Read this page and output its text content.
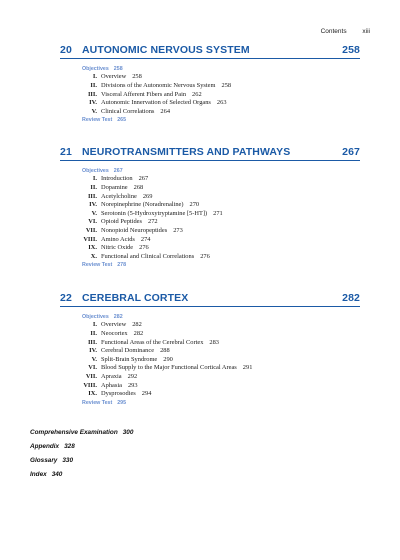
Contents xiii
20 AUTONOMIC NERVOUS SYSTEM	258
Objectives 258
I. Overview 258
II. Divisions of the Autonomic Nervous System 258
III. Visceral Afferent Fibers and Pain 262
IV. Autonomic Innervation of Selected Organs 263
V. Clinical Correlations 264
Review Test 265
21 NEUROTRANSMITTERS AND PATHWAYS	267
Objectives 267
I. Introduction 267
II. Dopamine 268
III. Acetylcholine 269
IV. Norepinephrine (Noradrenaline) 270
V. Serotonin (5-Hydroxytryptamine [5-HT]) 271
VI. Opioid Peptides 272
VII. Nonopioid Neuropeptides 273
VIII. Amino Acids 274
IX. Nitric Oxide 276
X. Functional and Clinical Correlations 276
Review Test 278
22 CEREBRAL CORTEX	282
Objectives 282
I. Overview 282
II. Neocortex 282
III. Functional Areas of the Cerebral Cortex 283
IV. Cerebral Dominance 288
V. Split-Brain Syndrome 290
VI. Blood Supply to the Major Functional Cortical Areas 291
VII. Apraxia 292
VIII. Aphasia 293
IX. Dysprosodies 294
Review Test 295
Comprehensive Examination 300
Appendix 328
Glossary 330
Index 340
